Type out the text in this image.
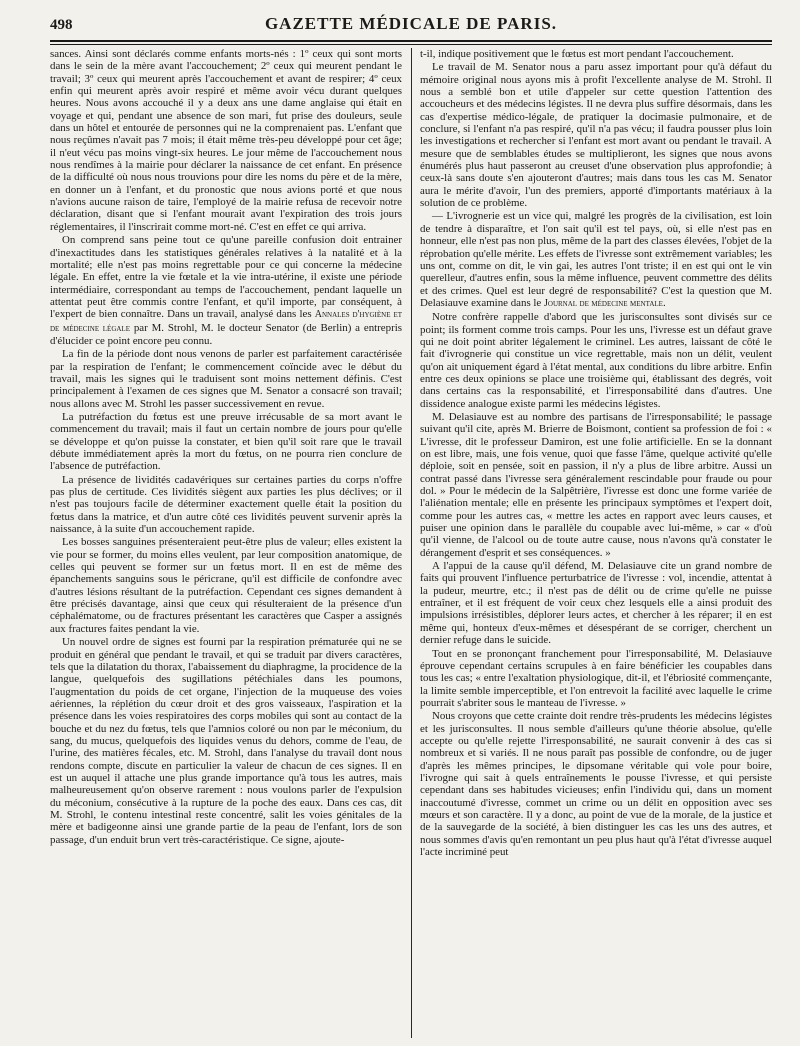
498	GAZETTE MÉDICALE DE PARIS.

sances. Ainsi sont déclarés comme enfants morts-nés : 1º ceux qui sont morts dans le sein de la mère avant l'accouchement; 2º ceux qui meurent pendant le travail; 3º ceux qui meurent après l'accouchement et avant de respirer; 4º ceux enfin qui meurent après avoir respiré et même avoir vécu durant quelques heures. Nous avons accouché il y a deux ans une dame anglaise qui était en voyage et qui, pendant une absence de son mari, fut prise des douleurs, seule dans un hôtel et entourée de personnes qui ne la comprenaient pas. L'enfant que nous reçûmes n'avait pas 7 mois; il était même très-peu développé pour cet âge; il n'eut vécu pas moins vingt-six heures. Le jour même de l'accouchement nous nous rendîmes à la mairie pour déclarer la naissance de cet enfant. En présence de la difficulté où nous nous trouvions pour dire les noms du père et de la mère, en donner un à l'enfant, et du pronostic que nous avions porté et que nous n'avions aucune raison de taire, l'employé de la mairie refusa de recevoir notre déclaration, disant que si l'enfant mourait avant l'expiration des trois jours réglementaires, il l'inscrirait comme mort-né. C'est en effet ce qui arriva.

On comprend sans peine tout ce qu'une pareille confusion doit entrainer d'inexactitudes dans les statistiques générales relatives à la natalité et à la mortalité; elle n'est pas moins regrettable pour ce qui concerne la médecine légale. En effet, entre la vie fœtale et la vie intra-utérine, il existe une période intermédiaire, correspondant au temps de l'accouchement, pendant laquelle un attentat peut être commis contre l'enfant, et qu'il importe, par conséquent, à l'expert de bien connaître. Dans un travail, analysé dans les Annales d'hygiène et de médecine légale par M. Strohl, M. le docteur Senator (de Berlin) a entrepris d'élucider ce point encore peu connu.

La fin de la période dont nous venons de parler est parfaitement caractérisée par la respiration de l'enfant; le commencement coïncide avec le début du travail, mais les signes qui le traduisent sont moins nettement définis. C'est principalement à l'examen de ces signes que M. Senator a consacré son travail; nous allons avec M. Strohl les passer successivement en revue.

La putréfaction du fœtus est une preuve irrécusable de sa mort avant le commencement du travail; mais il faut un certain nombre de jours pour qu'elle se développe et qu'on puisse la constater, et bien qu'il soit rare que le travail débute immédiatement après la mort du fœtus, on ne pourra rien conclure de l'absence de putréfaction.

La présence de lividités cadavériques sur certaines parties du corps n'offre pas plus de certitude. Ces lividités siègent aux parties les plus déclives; or il n'est pas toujours facile de déterminer exactement quelle était la position du fœtus dans la matrice, et d'un autre côté ces lividités peuvent survenir après la naissance, à la suite d'un accouchement rapide.

Les bosses sanguines présenteraient peut-être plus de valeur; elles existent la vie pour se former, du moins elles veulent, par leur composition anatomique, de celles qui peuvent se former sur un fœtus mort. Il en est de même des épanchements sanguins sous le péricrane, qu'il est difficile de confondre avec d'autres lésions résultant de la putréfaction. Cependant ces signes demandent à être précisés davantage, ainsi que ceux qui résulteraient de la présence d'un céphalématome, ou de fractures présentant les caractères que Casper a assignés aux fractures faites pendant la vie.

Un nouvel ordre de signes est fourni par la respiration prématurée qui ne se produit en général que pendant le travail, et qui se traduit par divers caractères, tels que la dilatation du thorax, l'abaissement du diaphragme, la procidence de la langue, quelquefois des sugillations pétéchiales dans les poumons, l'augmentation du poids de cet organe, l'injection de la muqueuse des voies aériennes, la réplétion du cœur droit et des gros vaisseaux, l'aspiration et la présence dans les voies respiratoires des corps mobiles qui sont au contact de la bouche et du nez du fœtus, tels que l'amnios coloré ou non par le méconium, du sang, du mucus, quelquefois des liquides venus du dehors, comme de l'eau, de l'urine, des matières fécales, etc. M. Strohl, dans l'analyse du travail dont nous rendons compte, discute en particulier la valeur de chacun de ces signes. Il en est un auquel il attache une plus grande importance qu'à tous les autres, mais malheureusement qu'on observe rarement : nous voulons parler de l'expulsion du méconium, consécutive à la rupture de la poche des eaux. Dans ces cas, dit M. Strohl, le contenu intestinal reste concentré, salit les voies génitales de la mère et badigeonne ainsi une grande partie de la peau de l'enfant, lors de son passage, d'un enduit brun vert très-caractéristique. Ce signe, ajoute-

t-il, indique positivement que le fœtus est mort pendant l'accouchement.

Le travail de M. Senator nous a paru assez important pour qu'à défaut du mémoire original nous ayons mis à profit l'excellente analyse de M. Strohl. Il nous a semblé bon et utile d'appeler sur cette question l'attention des accoucheurs et des médecins légistes. Il ne devra plus suffire désormais, dans les cas d'expertise médico-légale, de pratiquer la docimasie pulmonaire, et de conclure, si l'enfant n'a pas respiré, qu'il n'a pas vécu; il faudra pousser plus loin les investigations et rechercher si l'enfant est mort avant ou pendant le travail. A mesure que de semblables études se multiplieront, les signes que nous avons énumérés plus haut passeront au creuset d'une observation plus approfondie; à ceux-là sans doute s'en ajouteront d'autres; mais dans tous les cas M. Senator aura le mérite d'avoir, l'un des premiers, apporté d'importants matériaux à la solution de ce problème.

— L'ivrognerie est un vice qui, malgré les progrès de la civilisation, est loin de tendre à disparaître, et l'on sait qu'il est tel pays, où, si elle n'est pas en honneur, elle n'est pas non plus, même de la part des classes élevées, l'objet de la réprobation qu'elle mérite. Les effets de l'ivresse sont extrêmement variables; les uns ont, comme on dit, le vin gai, les autres l'ont triste; il en est qui ont le vin querelleur, d'autres enfin, sous la même influence, peuvent commettre des délits et des crimes. Quel est leur degré de responsabilité? C'est la question que M. Delasiauve examine dans le Journal de médecine mentale.

Notre confrère rappelle d'abord que les jurisconsultes sont divisés sur ce point; ils forment comme trois camps. Pour les uns, l'ivresse est un défaut grave qui ne doit point abriter légalement le criminel. Les autres, laissant de côté le fait d'ivrognerie qui constitue un vice regrettable, mais non un délit, veulent qu'on ait uniquement égard à l'état mental, aux conditions du libre arbitre. Enfin entre ces deux opinions se place une troisième qui, établissant des degrés, voit dans certains cas la responsabilité, et l'irresponsabilité dans d'autres. Une dissidence analogue existe parmi les médecins légistes.

M. Delasiauve est au nombre des partisans de l'irresponsabilité; le passage suivant qu'il cite, après M. Brierre de Boismont, contient sa profession de foi : « L'ivresse, dit le professeur Damiron, est une folie artificielle. En se la donnant on est libre, mais, une fois venue, quoi que fasse l'âme, quelque activité qu'elle déploie, soit en pensée, soit en passion, il n'y a plus de libre arbitre. Aussi un contrat passé dans l'ivresse sera généralement rescindable pour fraude ou pour dol. » Pour le médecin de la Salpêtrière, l'ivresse est donc une forme variée de l'aliénation mentale; elle en présente les principaux symptômes et l'expert doit, comme pour les autres cas, « mettre les actes en rapport avec leurs causes, et puiser une opinion dans le parallèle du coupable avec lui-même, » car « d'où qu'il vienne, de l'alcool ou de toute autre cause, nous n'avons qu'à constater le dérangement d'esprit et ses conséquences. »

A l'appui de la cause qu'il défend, M. Delasiauve cite un grand nombre de faits qui prouvent l'influence perturbatrice de l'ivresse : vol, incendie, attentat à la pudeur, meurtre, etc.; il n'est pas de délit ou de crime qu'elle ne puisse entraîner, et il est fréquent de voir ceux chez lesquels elle a ainsi produit des impulsions irrésistibles, déplorer leurs actes, et chercher à les réparer; il en est même qui, honteux d'eux-mêmes et désespérant de se corriger, cherchent un dernier refuge dans le suicide.

Tout en se prononçant franchement pour l'irresponsabilité, M. Delasiauve éprouve cependant certains scrupules à en faire bénéficier les coupables dans tous les cas; « entre l'exaltation physiologique, dit-il, et l'ébriosité commençante, la limite semble imperceptible, et l'on entrevoit la facilité avec laquelle le crime pourrait s'abriter sous le manteau de l'ivresse. »

Nous croyons que cette crainte doit rendre très-prudents les médecins légistes et les jurisconsultes. Il nous semble d'ailleurs qu'une théorie absolue, qu'elle accepte ou qu'elle rejette l'irresponsabilité, ne saurait convenir à des cas si nombreux et si variés. Il ne nous paraît pas possible de confondre, ou de juger d'après les mêmes principes, le dipsomane véritable qui vole pour boire, l'ivrogne qui sait à quels entraînements le pousse l'ivresse, et qui persiste cependant dans ses habitudes vicieuses; enfin l'individu qui, dans un moment inaccoutumé d'ivresse, commet un crime ou un délit en opposition avec ses mœurs et son caractère. Il y a donc, au point de vue de la morale, de la justice et de la sauvegarde de la société, à bien distinguer les cas les uns des autres, et nous sommes d'avis qu'en remontant un peu plus haut qu'à l'état d'ivresse auquel l'acte incriminé peut
